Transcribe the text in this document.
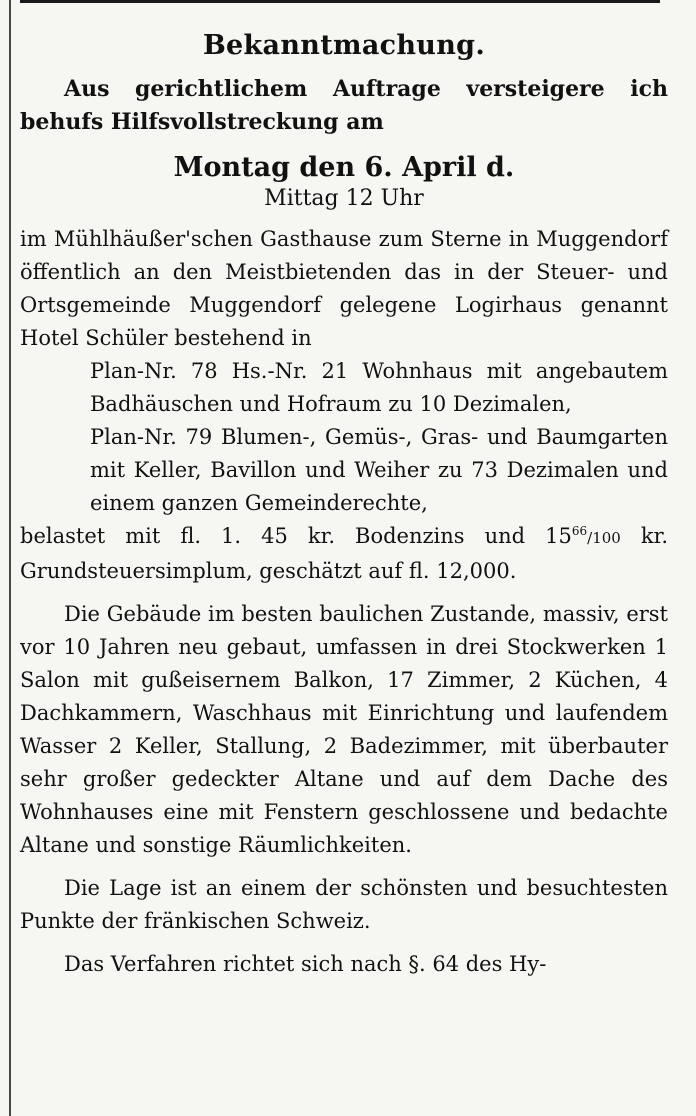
Bekanntmachung.

Aus gerichtlichem Auftrage versteigere ich behufs Hilfsvollstreckung am

Montag den 6. April d.

Mittag 12 Uhr

im Mühlhäußer'schen Gasthause zum Sterne in Muggendorf öffentlich an den Meistbietenden das in der Steuer- und Ortsgemeinde Muggendorf gelegene Logirhaus genannt Hotel Schüler bestehend in

Plan-Nr. 78 Hs.-Nr. 21 Wohnhaus mit angebautem Badhäuschen und Hofraum zu 10 Dezimalen,

Plan-Nr. 79 Blumen-, Gemüs-, Gras- und Baumgarten mit Keller, Bavillon und Weiher zu 73 Dezimalen und einem ganzen Gemeinderechte,

belastet mit fl. 1. 45 kr. Bodenzins und $15^{66}/100$ kr. Grundsteuersimplum, geschätzt auf fl. 12,000.

Die Gebäude im besten baulichen Zustande, massiv, erst vor 10 Jahren neu gebaut, umfassen in drei Stockwerken 1 Salon mit gußeisernem Balkon, 17 Zimmer, 2 Küchen, 4 Dachkammern, Waschhaus mit Einrichtung und laufendem Wasser 2 Keller, Stallung, 2 Badezimmer, mit überbauter sehr großer gedeckter Altane und auf dem Dache des Wohnhauses eine mit Fenstern geschlossene und bedachte Altane und sonstige Räumlichkeiten.

Die Lage ist an einem der schönsten und besuchtesten Punkte der fränkischen Schweiz.

Das Verfahren richtet sich nach §. 64 des Hy-
